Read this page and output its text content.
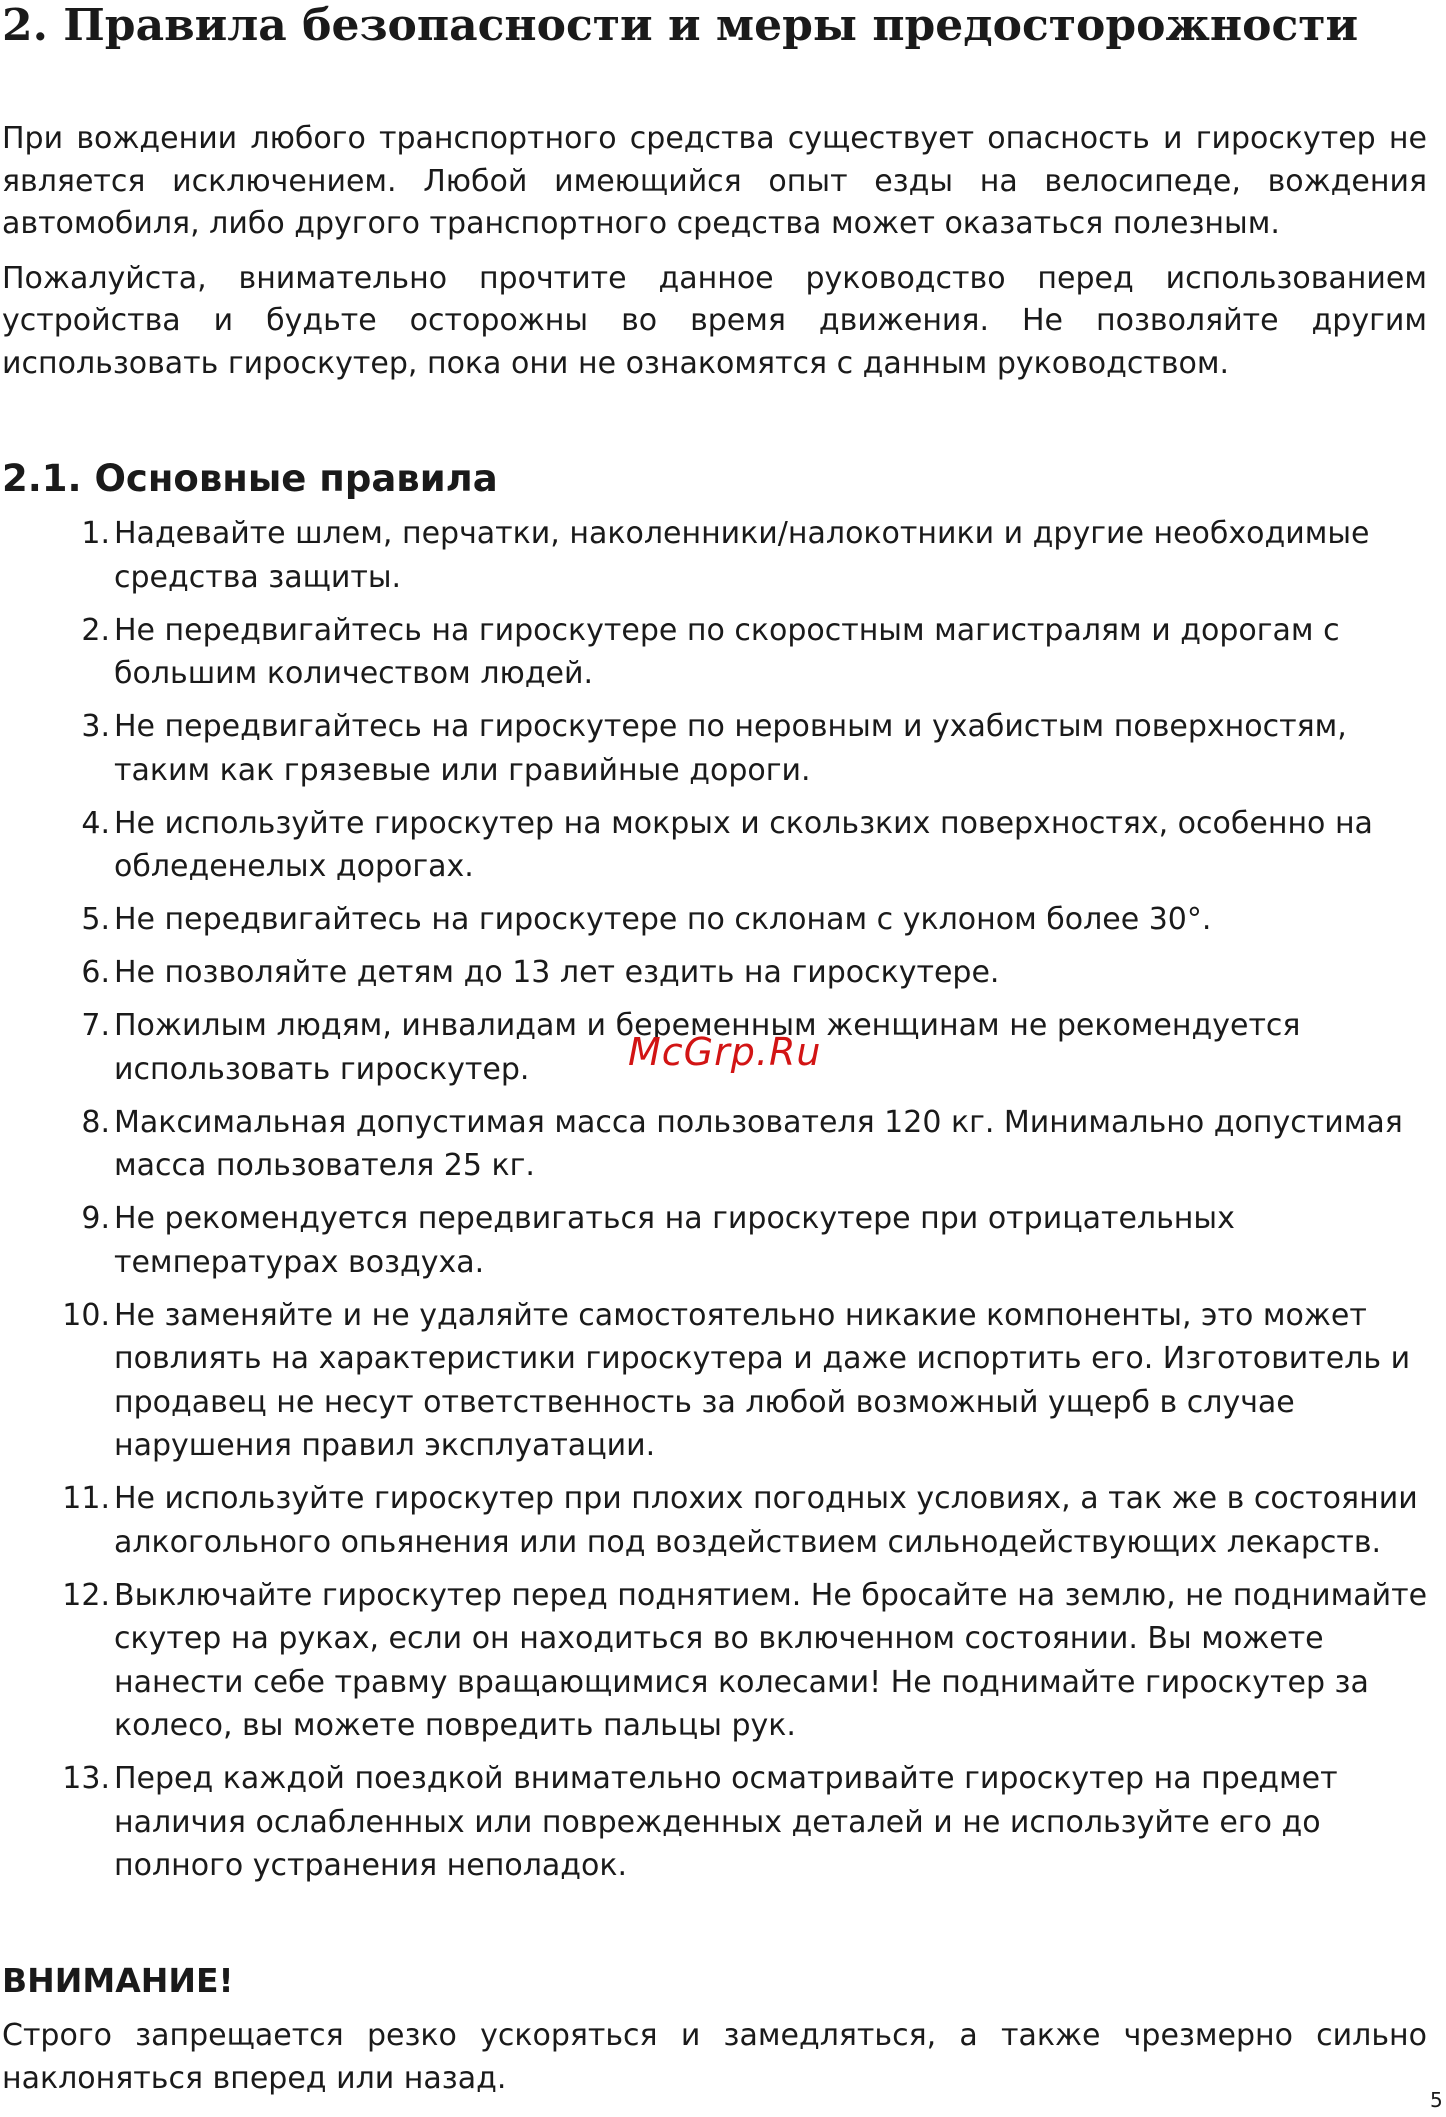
2. Правила безопасности и меры предосторожности

При вождении любого транспортного средства существует опасность и гироскутер не является исключением. Любой имеющийся опыт езды на велосипеде, вождения автомобиля, либо другого транспортного средства может оказаться полезным.

Пожалуйста, внимательно прочтите данное руководство перед использованием устройства и будьте осторожны во время движения. Не позволяйте другим использовать гироскутер, пока они не ознакомятся с данным руководством.

2.1. Основные правила
1. Надевайте шлем, перчатки, наколенники/налокотники и другие необходимые средства защиты.
2. Не передвигайтесь на гироскутере по скоростным магистралям и дорогам с большим количеством людей.
3. Не передвигайтесь на гироскутере по неровным и ухабистым поверхностям, таким как грязевые или гравийные дороги.
4. Не используйте гироскутер на мокрых и скользких поверхностях, особенно на обледенелых дорогах.
5. Не передвигайтесь на гироскутере по склонам с уклоном более 30°.
6. Не позволяйте детям до 13 лет ездить на гироскутере.
7. Пожилым людям, инвалидам и беременным женщинам не рекомендуется использовать гироскутер.
8. Максимальная допустимая масса пользователя 120 кг. Минимально допустимая масса пользователя 25 кг.
9. Не рекомендуется передвигаться на гироскутере при отрицательных температурах воздуха.
10. Не заменяйте и не удаляйте самостоятельно никакие компоненты, это может повлиять на характеристики гироскутера и даже испортить его. Изготовитель и продавец не несут ответственность за любой возможный ущерб в случае нарушения правил эксплуатации.
11. Не используйте гироскутер при плохих погодных условиях, а так же в состоянии алкогольного опьянения или под воздействием сильнодействующих лекарств.
12. Выключайте гироскутер перед поднятием. Не бросайте на землю, не поднимайте скутер на руках, если он находиться во включенном состоянии. Вы можете нанести себе травму вращающимися колесами! Не поднимайте гироскутер за колесо, вы можете повредить пальцы рук.
13. Перед каждой поездкой внимательно осматривайте гироскутер на предмет наличия ослабленных или поврежденных деталей и не используйте его до полного устранения неполадок.
McGrp.Ru
ВНИМАНИЕ!

Строго запрещается резко ускоряться и замедляться, а также чрезмерно сильно наклоняться вперед или назад.

5
